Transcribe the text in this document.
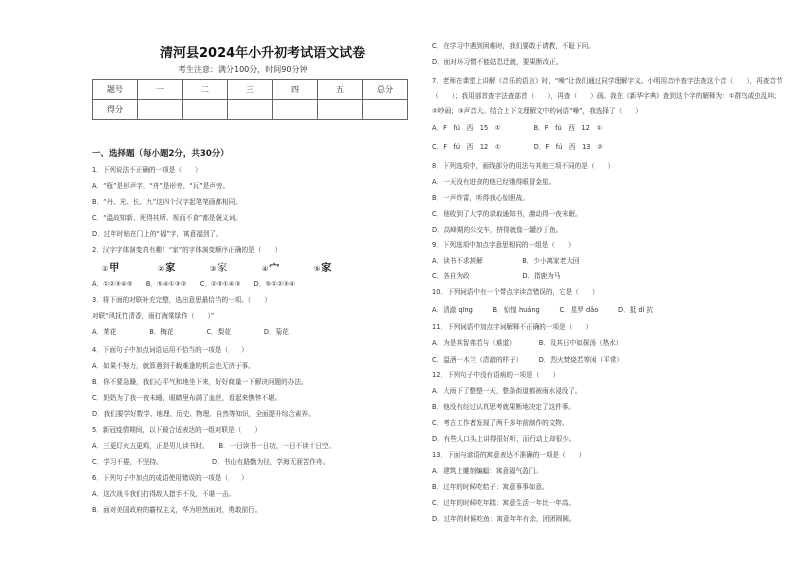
清河县2024年小升初考试语文试卷
考生注意：满分100分，时间90分钟
题号	一	二	三	四	五	总分
得分						
一、选择题（每小题2分，共30分）
1．下列说法不正确的一项是（　　）
A．“瓶”是形声字，“舟”是形旁，“瓦”是声旁。
B．“丹、光、长、九”这四个汉字起笔笔画都相同。
C．“温故知新、死得其所、视而不食”都是褒义词。
D．过年时贴在门上的“福”字，寓意福到了。
2．汉字字体演变真有趣！“家”的字体演变顺序正确的是（　　）
①甲	②家	③家	④宀	⑤家
A．①②③④⑤　　B．⑤④①③②　　C．②⑤①④③　　D．⑤①②③④
3．将下面的对联补充完整，选出意思最恰当的一项。（　　）
对联“风抚竹清香，雨打海棠绿作（　　）”
A．茉花　　　　　B．梅花　　　　　C．梨花　　　　　D．菊花
4．下面句子中加点词语运用不恰当的一项是（　　）
A．如果不努力，就算遇到千载难逢的机会也无济于事。
B．你不要急躁，我们心平气和地坐下来，好好商量一下解决问题的办法。
C．奶奶为了我一夜未睡，眼睛里布满了血丝，看起来憔悴不堪。
D．我们要学好数学、地理、历史、物理、自然等知识，全面提升综合素养。
5．新冠疫情期间，以下最合适表达的一组对联是（　　）
A．三更灯火五更鸡，正是男儿读书时。　　B．一日读书一日功，一日不读十日空。
C．学习不倦，不坚持。　　　　　　　　D．书山有路勤为径，学海无涯苦作舟。
6．下列句子中加点的成语使用错误的一项是（　　）
A．这次战斗我们打得敌人措手不及，不堪一击。
B．面对美国政府的霸权主义，华为坦然面对，勇敢前行。
C．在学习中遇到困难时，我们要敢于请教，不耻下问。
D．面对坏习惯不能姑息迁就，要果断改正。
7．老师在课堂上讲解《音乐的语言》时，“噪”让我们通过同学理解字义。小明用音序查字法查这个音（　　），再查音节（　　）；我用部首查字法查部首（　　），再查（　　）画。我在《新华字典》查到这个字的解释为：①群鸟或虫乱叫；②吵闹；③声音大。结合上下文理解文中的词语“噪”，我选择了（　　）
A．F　fú　西　15　①　　　　　B．F　fú　西　12　①
C．F　fú　西　12　①　　　　　D．F　fú　西　13　②
8．下列选项中，画线部分的用法与其他三项不同的是（　　）
A．一天没有进食的他已经饿得眼冒金星。
B．一声炸雷，听得我心惊胆战。
C．他收到了大学的录取通知书，激动得一夜未眠。
D．高峰期的公交车，挤得就像一罐沙丁鱼。
9．下列选项中加点字意思相同的一组是（　　）
A．读书不求甚解　　　　　　B．少小离家老大回
C．各自为政　　　　　　　　D．指鹿为马
10．下列词语中有一个带点字读音错误的，它是（　　）
A．清澈 qīng　　　B．惊惶 huáng　　　C．星罗 dǎo　　　D．抵 dǐ 抗
11．下列词语中加点字词解释不正确的一项是（　　）
A．为是其智弗若与（难道）　　　　B．及其日中如探汤（热水）
C．温酒一木兰（清澈的样子）　　　D．烈火焚烧若等闲（平常）
12．下列句子中没有语病的一项是（　　）
A．大雨下了整整一天，整条街道都被雨水浸没了。
B．他没有经过认真思考就果断地决定了这件事。
C．考古工作者发现了两千多年前制作的文物。
D．有些人口头上讲得很好听，而行动上却很少。
13．下面与谚语的寓意表达不准确的一项是（　　）
A．建筑上雕刻蝙蝠：寓意福气盈门。
B．过年的时候吃桔子：寓意事事如意。
C．过年的时候吃年糕：寓意生活一年比一年高。
D．过年的时候吃鱼：寓意年年有余，团团圆圆。
